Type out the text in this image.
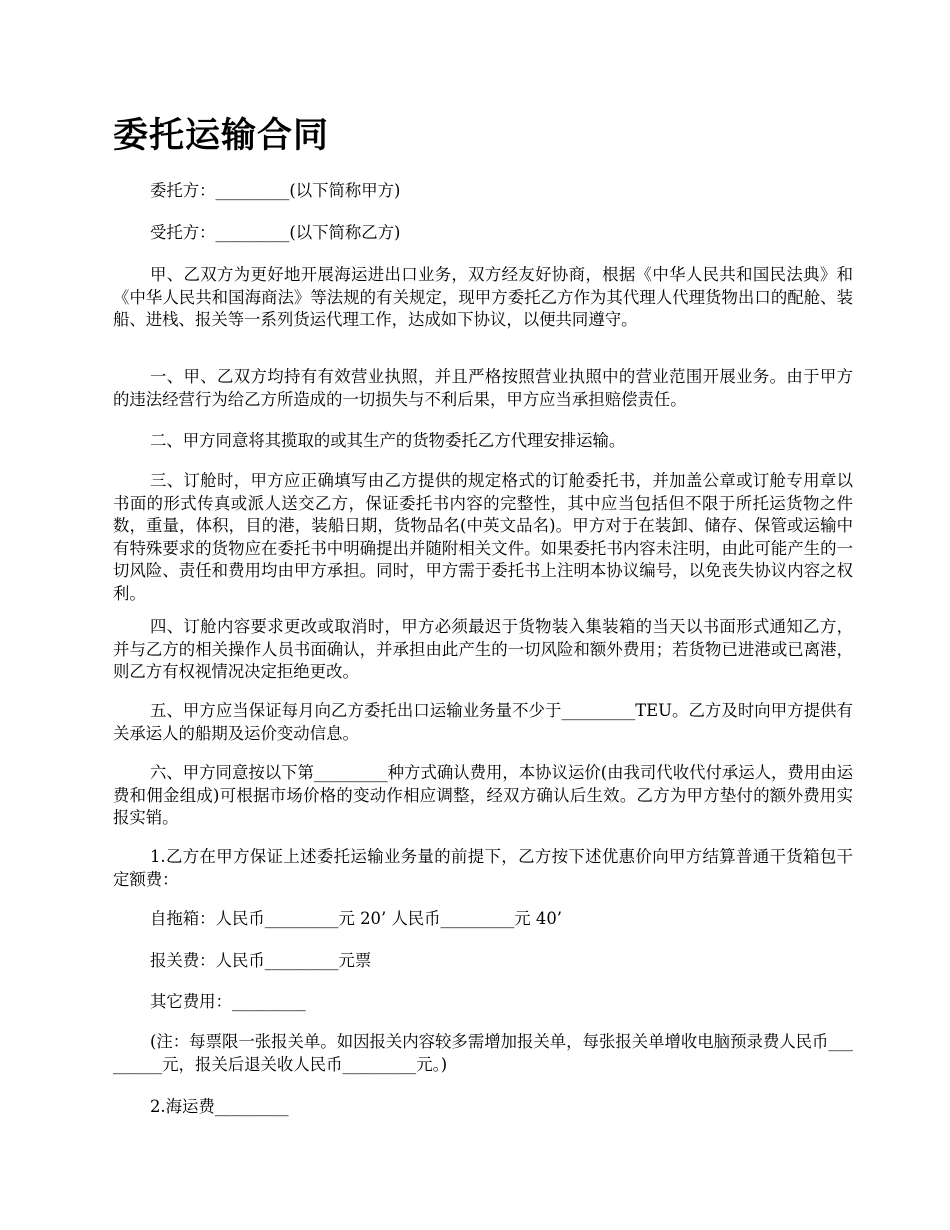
委托运输合同

委托方：_________(以下简称甲方)

受托方：_________(以下简称乙方)

甲、乙双方为更好地开展海运进出口业务，双方经友好协商，根据《中华人民共和国民法典》和《中华人民共和国海商法》等法规的有关规定，现甲方委托乙方作为其代理人代理货物出口的配舱、装船、进栈、报关等一系列货运代理工作，达成如下协议，以便共同遵守。

一、甲、乙双方均持有有效营业执照，并且严格按照营业执照中的营业范围开展业务。由于甲方的违法经营行为给乙方所造成的一切损失与不利后果，甲方应当承担赔偿责任。

二、甲方同意将其揽取的或其生产的货物委托乙方代理安排运输。

三、订舱时，甲方应正确填写由乙方提供的规定格式的订舱委托书，并加盖公章或订舱专用章以书面的形式传真或派人送交乙方，保证委托书内容的完整性，其中应当包括但不限于所托运货物之件数，重量，体积，目的港，装船日期，货物品名(中英文品名)。甲方对于在装卸、储存、保管或运输中有特殊要求的货物应在委托书中明确提出并随附相关文件。如果委托书内容未注明，由此可能产生的一切风险、责任和费用均由甲方承担。同时，甲方需于委托书上注明本协议编号，以免丧失协议内容之权利。

四、订舱内容要求更改或取消时，甲方必须最迟于货物装入集装箱的当天以书面形式通知乙方，并与乙方的相关操作人员书面确认，并承担由此产生的一切风险和额外费用；若货物已进港或已离港，则乙方有权视情况决定拒绝更改。

五、甲方应当保证每月向乙方委托出口运输业务量不少于_________TEU。乙方及时向甲方提供有关承运人的船期及运价变动信息。

六、甲方同意按以下第_________种方式确认费用，本协议运价(由我司代收代付承运人，费用由运费和佣金组成)可根据市场价格的变动作相应调整，经双方确认后生效。乙方为甲方垫付的额外费用实报实销。

1.乙方在甲方保证上述委托运输业务量的前提下，乙方按下述优惠价向甲方结算普通干货箱包干定额费：

自拖箱：人民币_________元 20’ 人民币_________元 40’

报关费：人民币_________元票

其它费用：_________

(注：每票限一张报关单。如因报关内容较多需增加报关单，每张报关单增收电脑预录费人民币_________元，报关后退关收人民币_________元。)

2.海运费_________
